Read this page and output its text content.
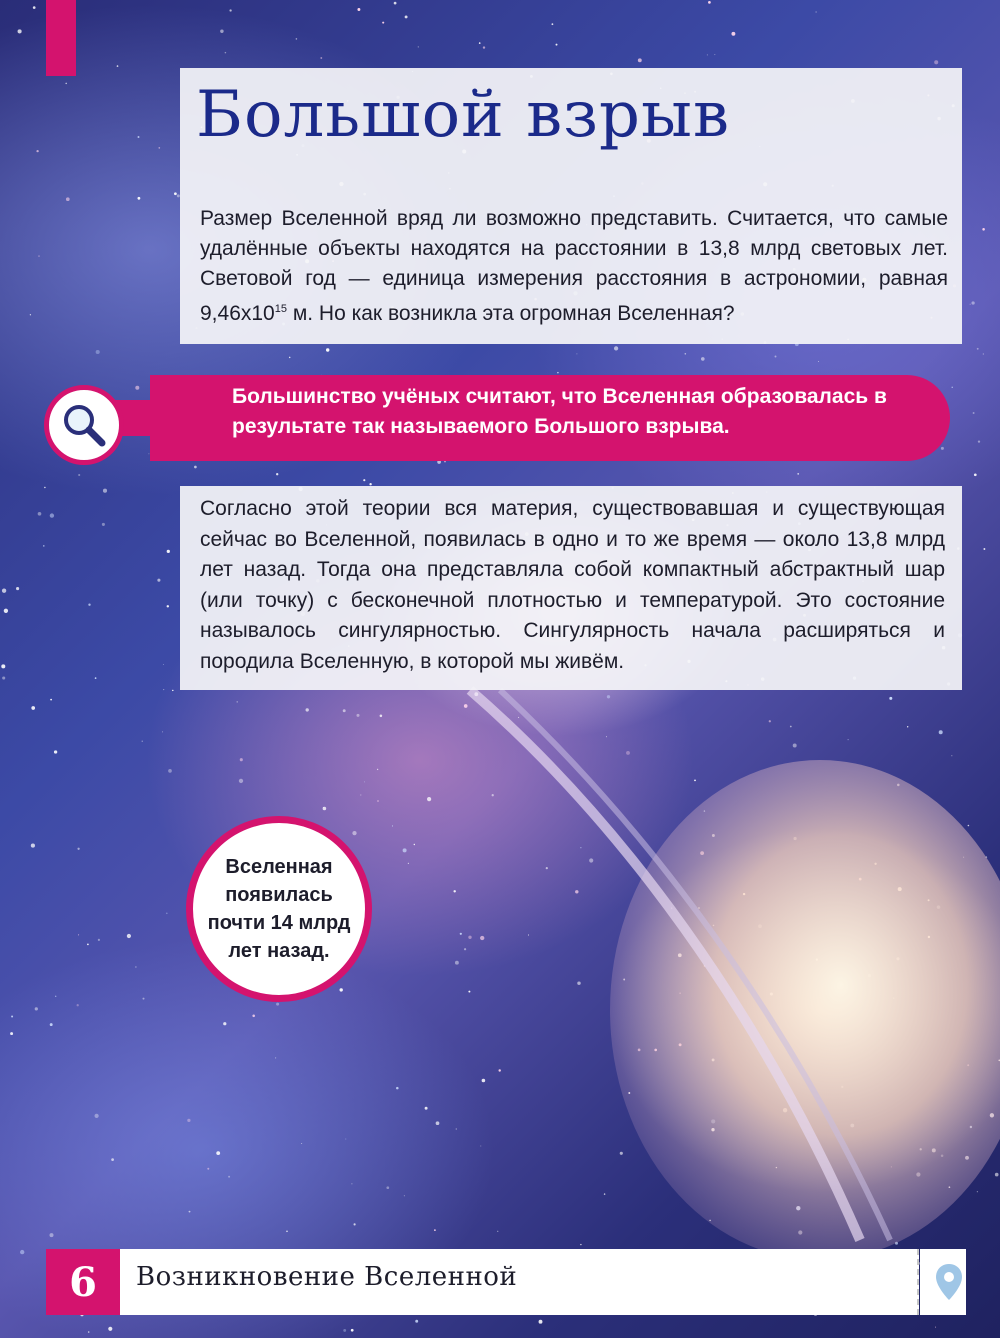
Большой взрыв

Размер Вселенной вряд ли возможно представить. Считается, что самые удалённые объекты находятся на расстоянии в 13,8 млрд световых лет. Световой год — единица измерения расстояния в астрономии, равная $9,46x10^{15}$ м. Но как возникла эта огромная Вселенная?

Большинство учёных считают, что Вселенная образовалась в результате так называемого Большого взрыва.

Согласно этой теории вся материя, существовавшая и существующая сейчас во Вселенной, появилась в одно и то же время — около 13,8 млрд лет назад. Тогда она представляла собой компактный абстрактный шар (или точку) с бесконечной плотностью и температурой. Это состояние называлось сингулярностью. Сингулярность начала расширяться и породила Вселенную, в которой мы живём.

Вселенная появилась почти 14 млрд лет назад.

6	Возникновение Вселенной
